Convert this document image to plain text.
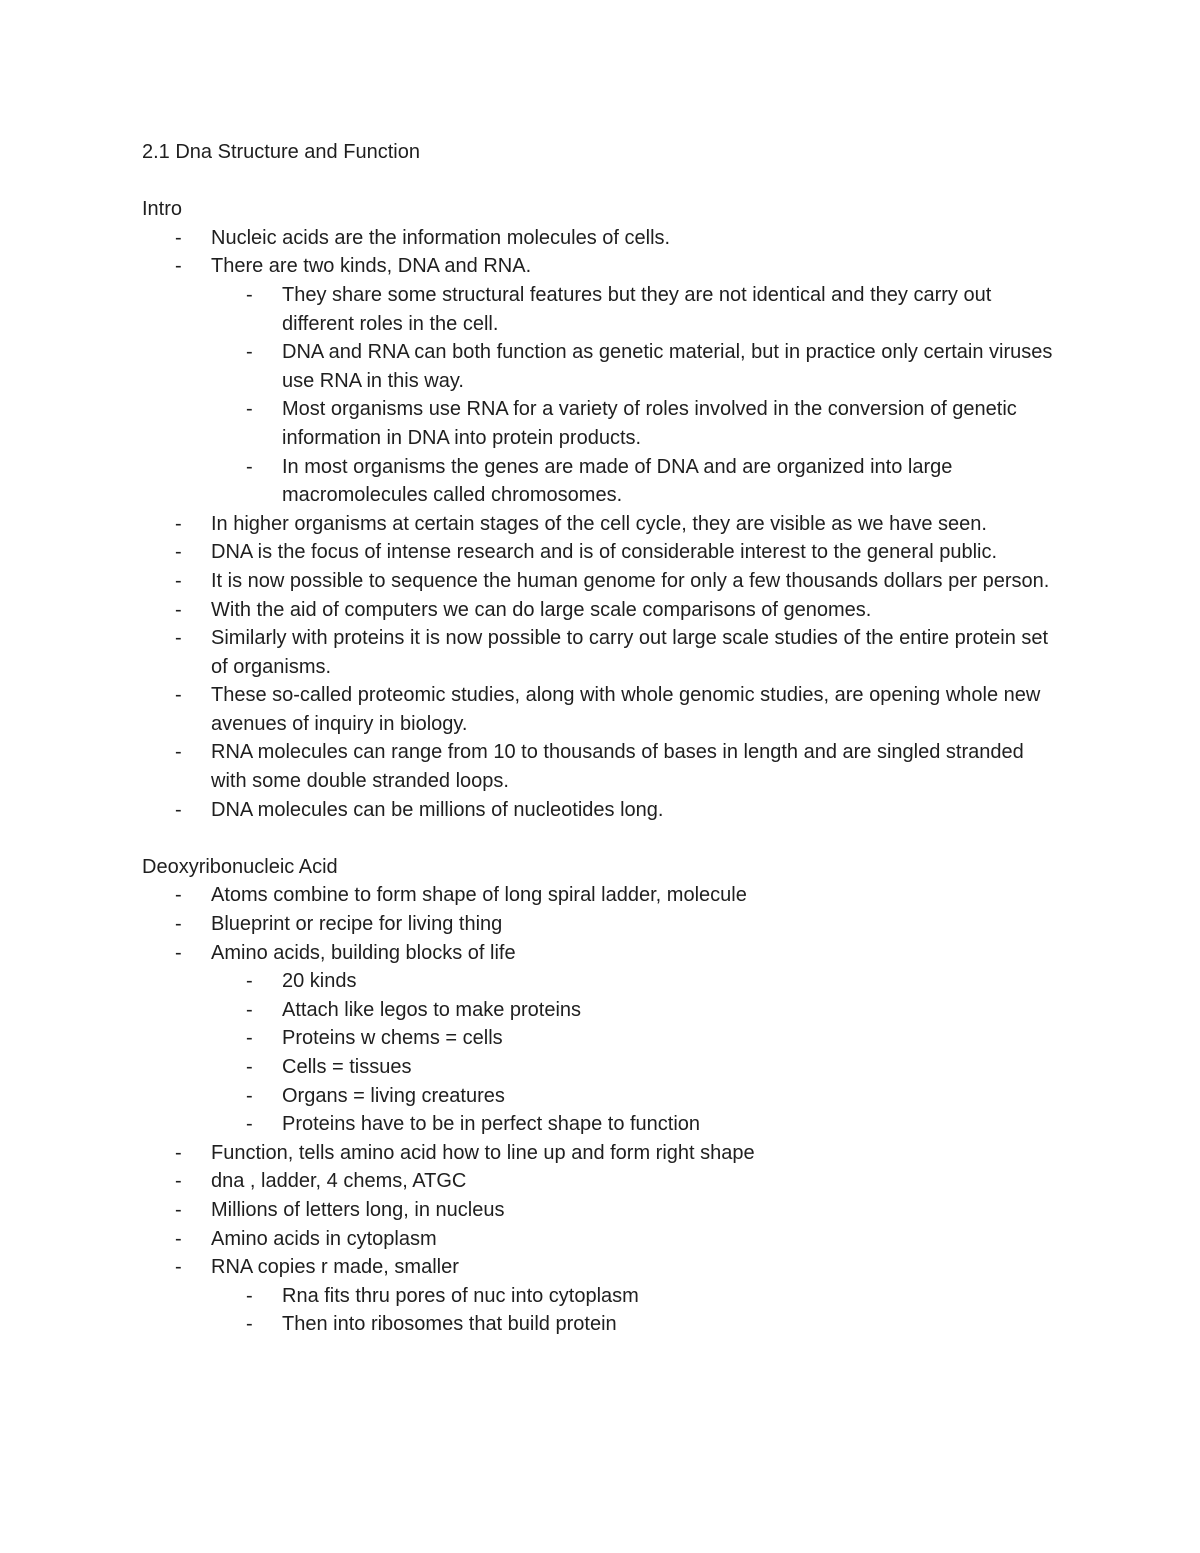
2.1 Dna Structure and Function
Intro
- Nucleic acids are the information molecules of cells.
- There are two kinds, DNA and RNA.
- They share some structural features but they are not identical and they carry out different roles in the cell.
- DNA and RNA can both function as genetic material, but in practice only certain viruses use RNA in this way.
- Most organisms use RNA for a variety of roles involved in the conversion of genetic information in DNA into protein products.
- In most organisms the genes are made of DNA and are organized into large macromolecules called chromosomes.
- In higher organisms at certain stages of the cell cycle, they are visible as we have seen.
- DNA is the focus of intense research and is of considerable interest to the general public.
- It is now possible to sequence the human genome for only a few thousands dollars per person.
- With the aid of computers we can do large scale comparisons of genomes.
- Similarly with proteins it is now possible to carry out large scale studies of the entire protein set of organisms.
- These so-called proteomic studies, along with whole genomic studies, are opening whole new avenues of inquiry in biology.
- RNA molecules can range from 10 to thousands of bases in length and are singled stranded with some double stranded loops.
- DNA molecules can be millions of nucleotides long.
Deoxyribonucleic Acid
- Atoms combine to form shape of long spiral ladder, molecule
- Blueprint or recipe for living thing
- Amino acids, building blocks of life
- 20 kinds
- Attach like legos to make proteins
- Proteins w chems = cells
- Cells = tissues
- Organs = living creatures
- Proteins have to be in perfect shape to function
- Function, tells amino acid how to line up and form right shape
- dna , ladder, 4 chems, ATGC
- Millions of letters long, in nucleus
- Amino acids in cytoplasm
- RNA copies r made, smaller
- Rna fits thru pores of nuc into cytoplasm
- Then into ribosomes that build protein
